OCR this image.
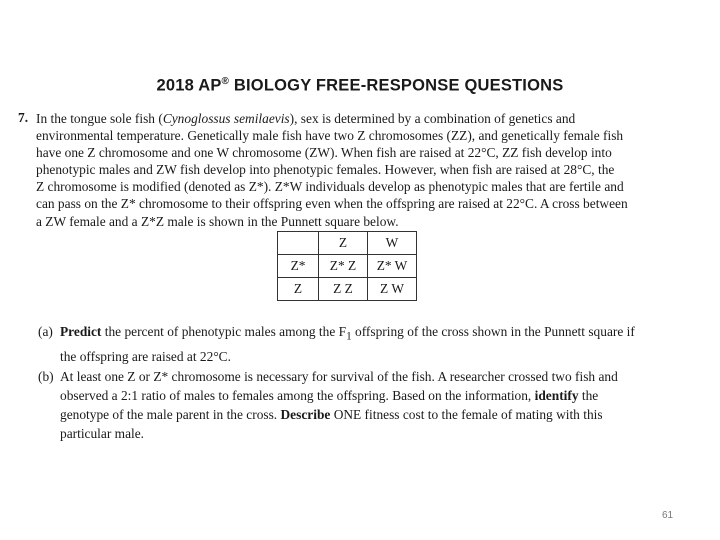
2018 AP® BIOLOGY FREE-RESPONSE QUESTIONS
7. In the tongue sole fish (Cynoglossus semilaevis), sex is determined by a combination of genetics and
environmental temperature. Genetically male fish have two Z chromosomes (ZZ), and genetically female fish
have one Z chromosome and one W chromosome (ZW). When fish are raised at 22°C, ZZ fish develop into
phenotypic males and ZW fish develop into phenotypic females. However, when fish are raised at 28°C, the
Z chromosome is modified (denoted as Z*). Z*W individuals develop as phenotypic males that are fertile and
can pass on the Z* chromosome to their offspring even when the offspring are raised at 22°C. A cross between
a ZW female and a Z*Z male is shown in the Punnett square below.
	Z	W
Z*	Z* Z	Z* W
Z	Z Z	Z W
(a) Predict the percent of phenotypic males among the $F_1$ offspring of the cross shown in the Punnett square if
the offspring are raised at 22°C.
(b) At least one Z or Z* chromosome is necessary for survival of the fish. A researcher crossed two fish and
observed a 2:1 ratio of males to females among the offspring. Based on the information, identify the
genotype of the male parent in the cross. Describe ONE fitness cost to the female of mating with this
particular male.
61
